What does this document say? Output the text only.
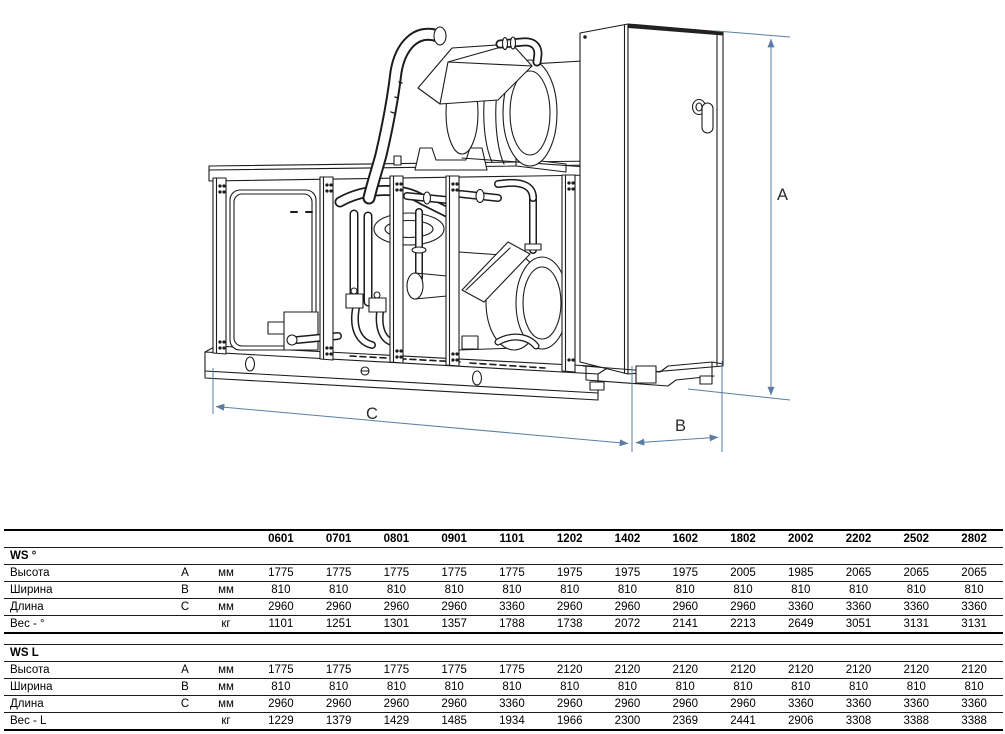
A
C
B
			0601	0701	0801	0901	1101	1202	1402	1602	1802	2002	2202	2502	2802
WS °															
Высота	A	мм	1775	1775	1775	1775	1775	1975	1975	1975	2005	1985	2065	2065	2065
Ширина	B	мм	810	810	810	810	810	810	810	810	810	810	810	810	810
Длина	C	мм	2960	2960	2960	2960	3360	2960	2960	2960	2960	3360	3360	3360	3360
Вес - °		кг	1101	1251	1301	1357	1788	1738	2072	2141	2213	2649	3051	3131	3131

WS L															
Высота	A	мм	1775	1775	1775	1775	1775	2120	2120	2120	2120	2120	2120	2120	2120
Ширина	B	мм	810	810	810	810	810	810	810	810	810	810	810	810	810
Длина	C	мм	2960	2960	2960	2960	3360	2960	2960	2960	2960	3360	3360	3360	3360
Вес - L		кг	1229	1379	1429	1485	1934	1966	2300	2369	2441	2906	3308	3388	3388
